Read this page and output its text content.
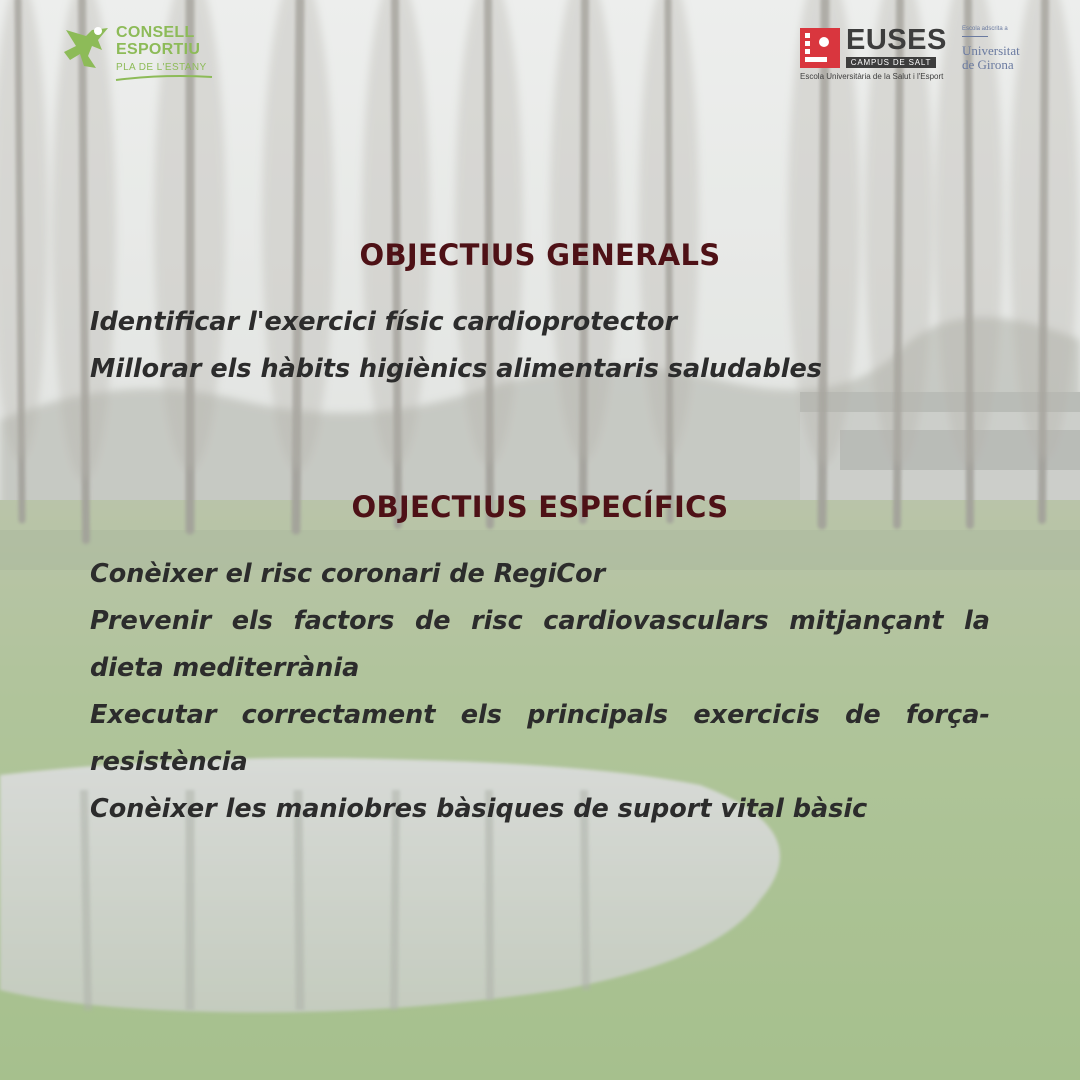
CONSELL
ESPORTIU
PLA DE L'ESTANY
EUSES
CAMPUS DE SALT
Escola Universitària de la Salut i l'Esport
Escola adscrita a
Universitat
de Girona
OBJECTIUS GENERALS
Identificar l'exercici físic cardioprotector
Millorar els hàbits higiènics alimentaris saludables
OBJECTIUS ESPECÍFICS
Conèixer el risc coronari de RegiCor
Prevenir els factors de risc cardiovasculars mitjançant la dieta mediterrània
Executar correctament els principals exercicis de força-resistència
Conèixer les maniobres bàsiques de suport vital bàsic
